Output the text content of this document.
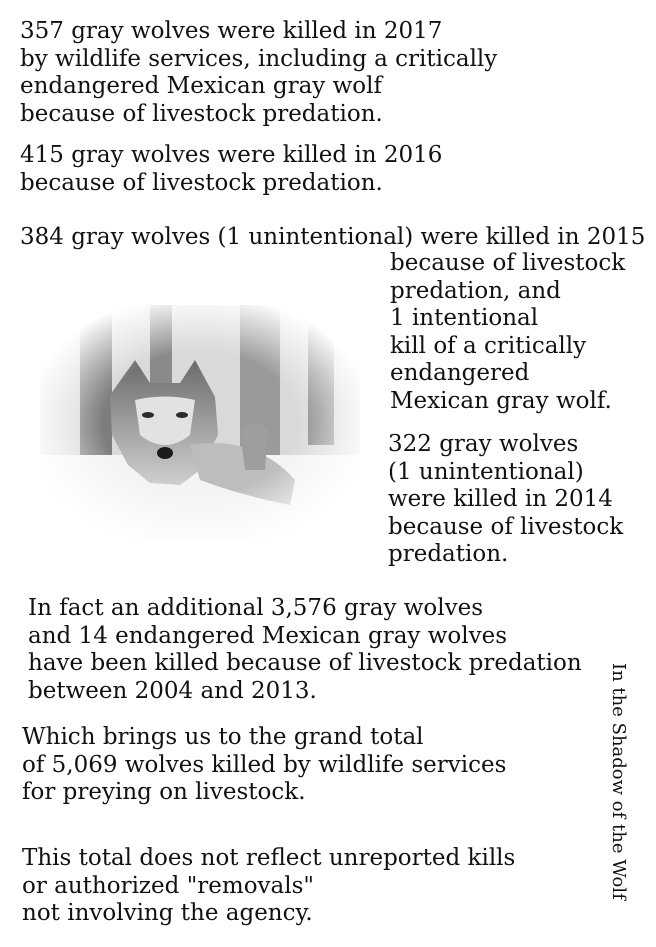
357 gray wolves were killed in 2017
by wildlife services, including a critically
endangered Mexican gray wolf
because of livestock predation.

415 gray wolves were killed in 2016
because of livestock predation.

384 gray wolves (1 unintentional) were killed in 2015

because of livestock
predation, and
1 intentional
kill of a critically
endangered
Mexican gray wolf.

322 gray wolves
(1 unintentional)
were killed in 2014
because of livestock
predation.

In fact an additional 3,576 gray wolves
and 14 endangered Mexican gray wolves
have been killed because of livestock predation
between 2004 and 2013.

Which brings us to the grand total
of 5,069 wolves killed by wildlife services
for preying on livestock.

This total does not reflect unreported kills
or authorized "removals"
not involving the agency.

In the Shadow of the Wolf
